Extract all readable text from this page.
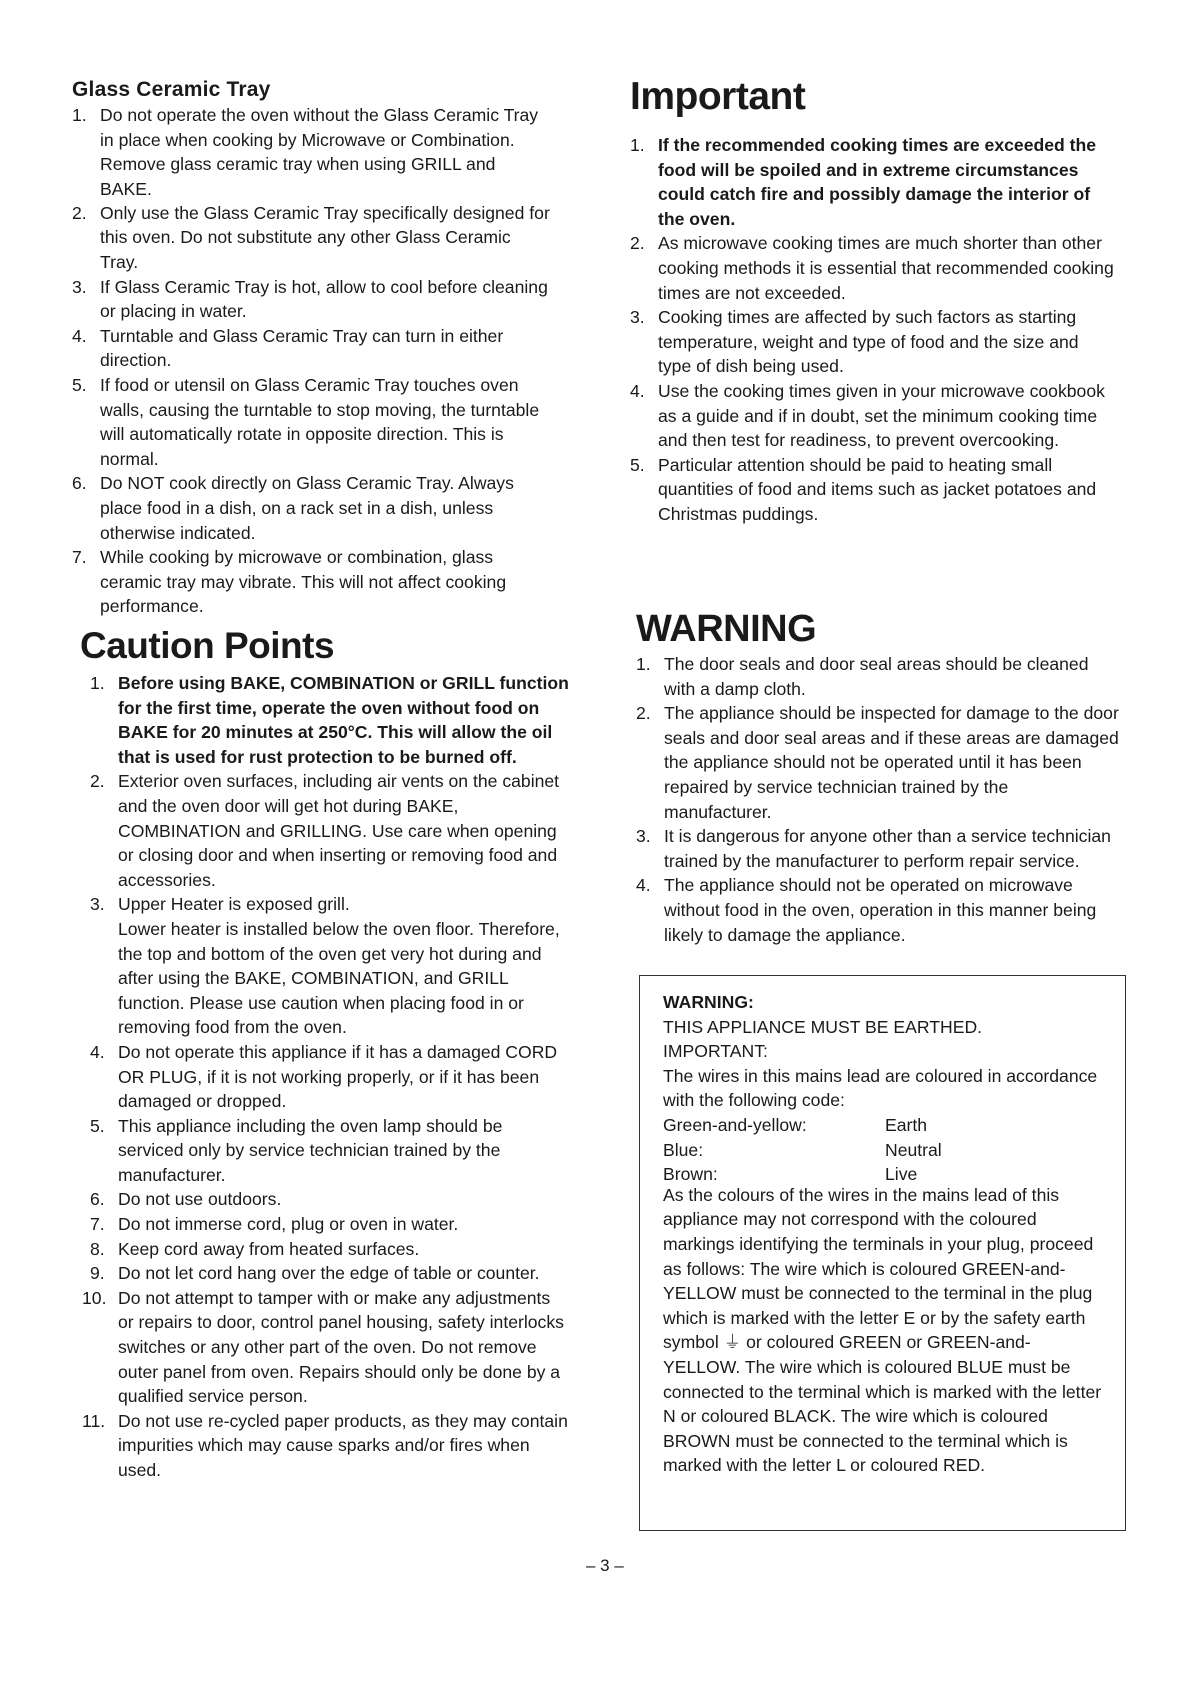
Glass Ceramic Tray
1. Do not operate the oven without the Glass Ceramic Tray in place when cooking by Microwave or Combination. Remove glass ceramic tray when using GRILL and BAKE.
2. Only use the Glass Ceramic Tray specifically designed for this oven. Do not substitute any other Glass Ceramic Tray.
3. If Glass Ceramic Tray is hot, allow to cool before cleaning or placing in water.
4. Turntable and Glass Ceramic Tray can turn in either direction.
5. If food or utensil on Glass Ceramic Tray touches oven walls, causing the turntable to stop moving, the turntable will automatically rotate in opposite direction. This is normal.
6. Do NOT cook directly on Glass Ceramic Tray. Always place food in a dish, on a rack set in a dish, unless otherwise indicated.
7. While cooking by microwave or combination, glass ceramic tray may vibrate. This will not affect cooking performance.
Caution Points
1. Before using BAKE, COMBINATION or GRILL function for the first time, operate the oven without food on BAKE for 20 minutes at 250°C. This will allow the oil that is used for rust protection to be burned off.
2. Exterior oven surfaces, including air vents on the cabinet and the oven door will get hot during BAKE, COMBINATION and GRILLING. Use care when opening or closing door and when inserting or removing food and accessories.
3. Upper Heater is exposed grill.
Lower heater is installed below the oven floor. Therefore, the top and bottom of the oven get very hot during and after using the BAKE, COMBINATION, and GRILL function. Please use caution when placing food in or removing food from the oven.
4. Do not operate this appliance if it has a damaged CORD OR PLUG, if it is not working properly, or if it has been damaged or dropped.
5. This appliance including the oven lamp should be serviced only by service technician trained by the manufacturer.
6. Do not use outdoors.
7. Do not immerse cord, plug or oven in water.
8. Keep cord away from heated surfaces.
9. Do not let cord hang over the edge of table or counter.
10. Do not attempt to tamper with or make any adjustments or repairs to door, control panel housing, safety interlocks switches or any other part of the oven. Do not remove outer panel from oven. Repairs should only be done by a qualified service person.
11. Do not use re-cycled paper products, as they may contain impurities which may cause sparks and/or fires when used.
Important
1. If the recommended cooking times are exceeded the food will be spoiled and in extreme circumstances could catch fire and possibly damage the interior of the oven.
2. As microwave cooking times are much shorter than other cooking methods it is essential that recommended cooking times are not exceeded.
3. Cooking times are affected by such factors as starting temperature, weight and type of food and the size and type of dish being used.
4. Use the cooking times given in your microwave cookbook as a guide and if in doubt, set the minimum cooking time and then test for readiness, to prevent overcooking.
5. Particular attention should be paid to heating small quantities of food and items such as jacket potatoes and Christmas puddings.
WARNING
1. The door seals and door seal areas should be cleaned with a damp cloth.
2. The appliance should be inspected for damage to the door seals and door seal areas and if these areas are damaged the appliance should not be operated until it has been repaired by service technician trained by the manufacturer.
3. It is dangerous for anyone other than a service technician trained by the manufacturer to perform repair service.
4. The appliance should not be operated on microwave without food in the oven, operation in this manner being likely to damage the appliance.

WARNING:

THIS APPLIANCE MUST BE EARTHED.

IMPORTANT:

The wires in this mains lead are coloured in accordance with the following code:

Green-and-yellow:	Earth
Blue:	Neutral
Brown:	Live

As the colours of the wires in the mains lead of this appliance may not correspond with the coloured markings identifying the terminals in your plug, proceed as follows: The wire which is coloured GREEN-and-YELLOW must be connected to the terminal in the plug which is marked with the letter E or by the safety earth symbol ⏚ or coloured GREEN or GREEN-and-YELLOW. The wire which is coloured BLUE must be connected to the terminal which is marked with the letter N or coloured BLACK. The wire which is coloured BROWN must be connected to the terminal which is marked with the letter L or coloured RED.

– 3 –
